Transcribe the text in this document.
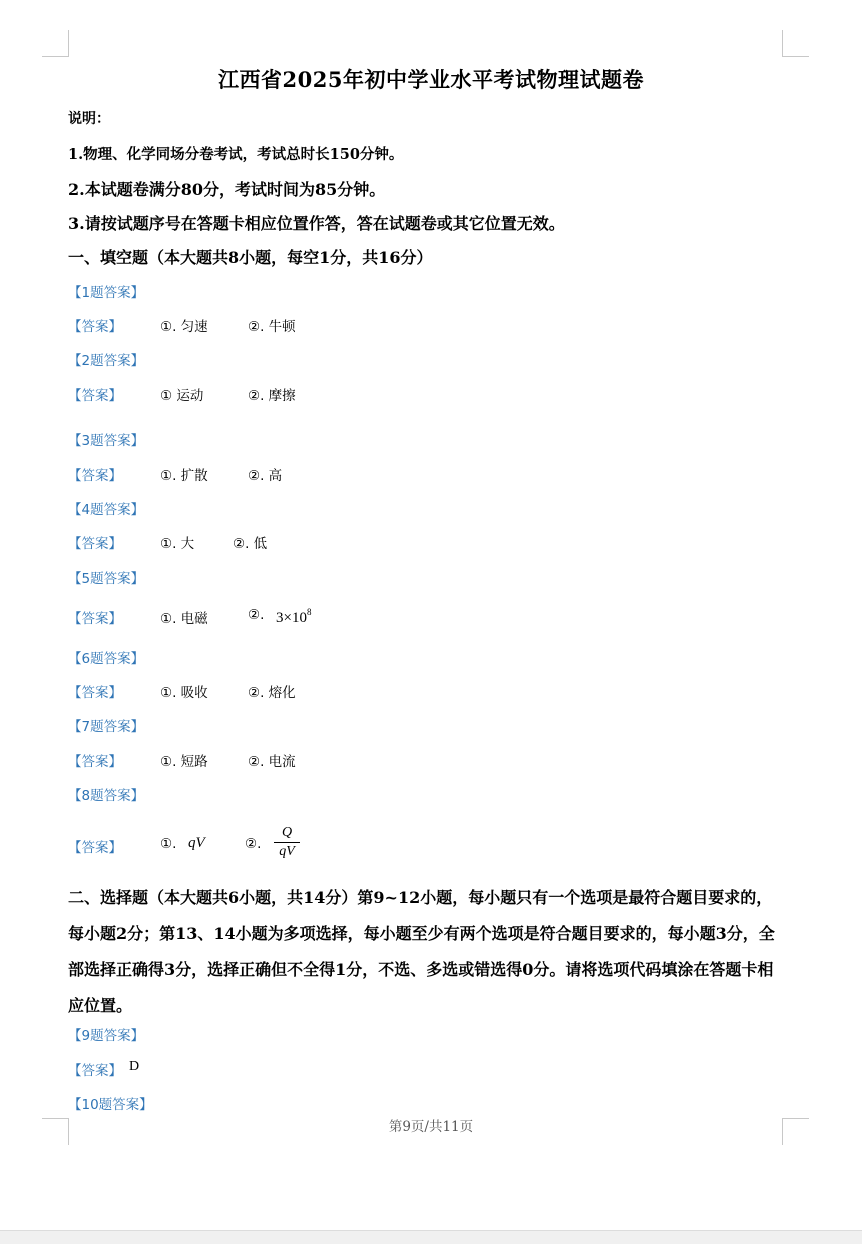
江西省2025年初中学业水平考试物理试题卷
说明：
1.物理、化学同场分卷考试，考试总时长150分钟。
2.本试题卷满分80分，考试时间为85分钟。
3.请按试题序号在答题卡相应位置作答，答在试题卷或其它位置无效。
一、填空题（本大题共8小题，每空1分，共16分）
【1题答案】
【答案】	①. 匀速	②. 牛顿
【2题答案】
【答案】	① 运动	②. 摩擦
【3题答案】
【答案】	①. 扩散	②. 高
【4题答案】
【答案】	①. 大	②. 低
【5题答案】
【答案】	①. 电磁	②. $3\times 10^8$
【6题答案】
【答案】	①. 吸收	②. 熔化
【7题答案】
【答案】	①. 短路	②. 电流
【8题答案】
【答案】	①. qV	②.
Q
qV
二、选择题（本大题共6小题，共14分）第9~12小题，每小题只有一个选项是最符合题目要求的，每小题2分；第13、14小题为多项选择，每小题至少有两个选项是符合题目要求的，每小题3分，全部选择正确得3分，选择正确但不全得1分，不选、多选或错选得0分。请将选项代码填涂在答题卡相应位置。
【9题答案】
【答案】 D
【10题答案】
第9页/共11页
